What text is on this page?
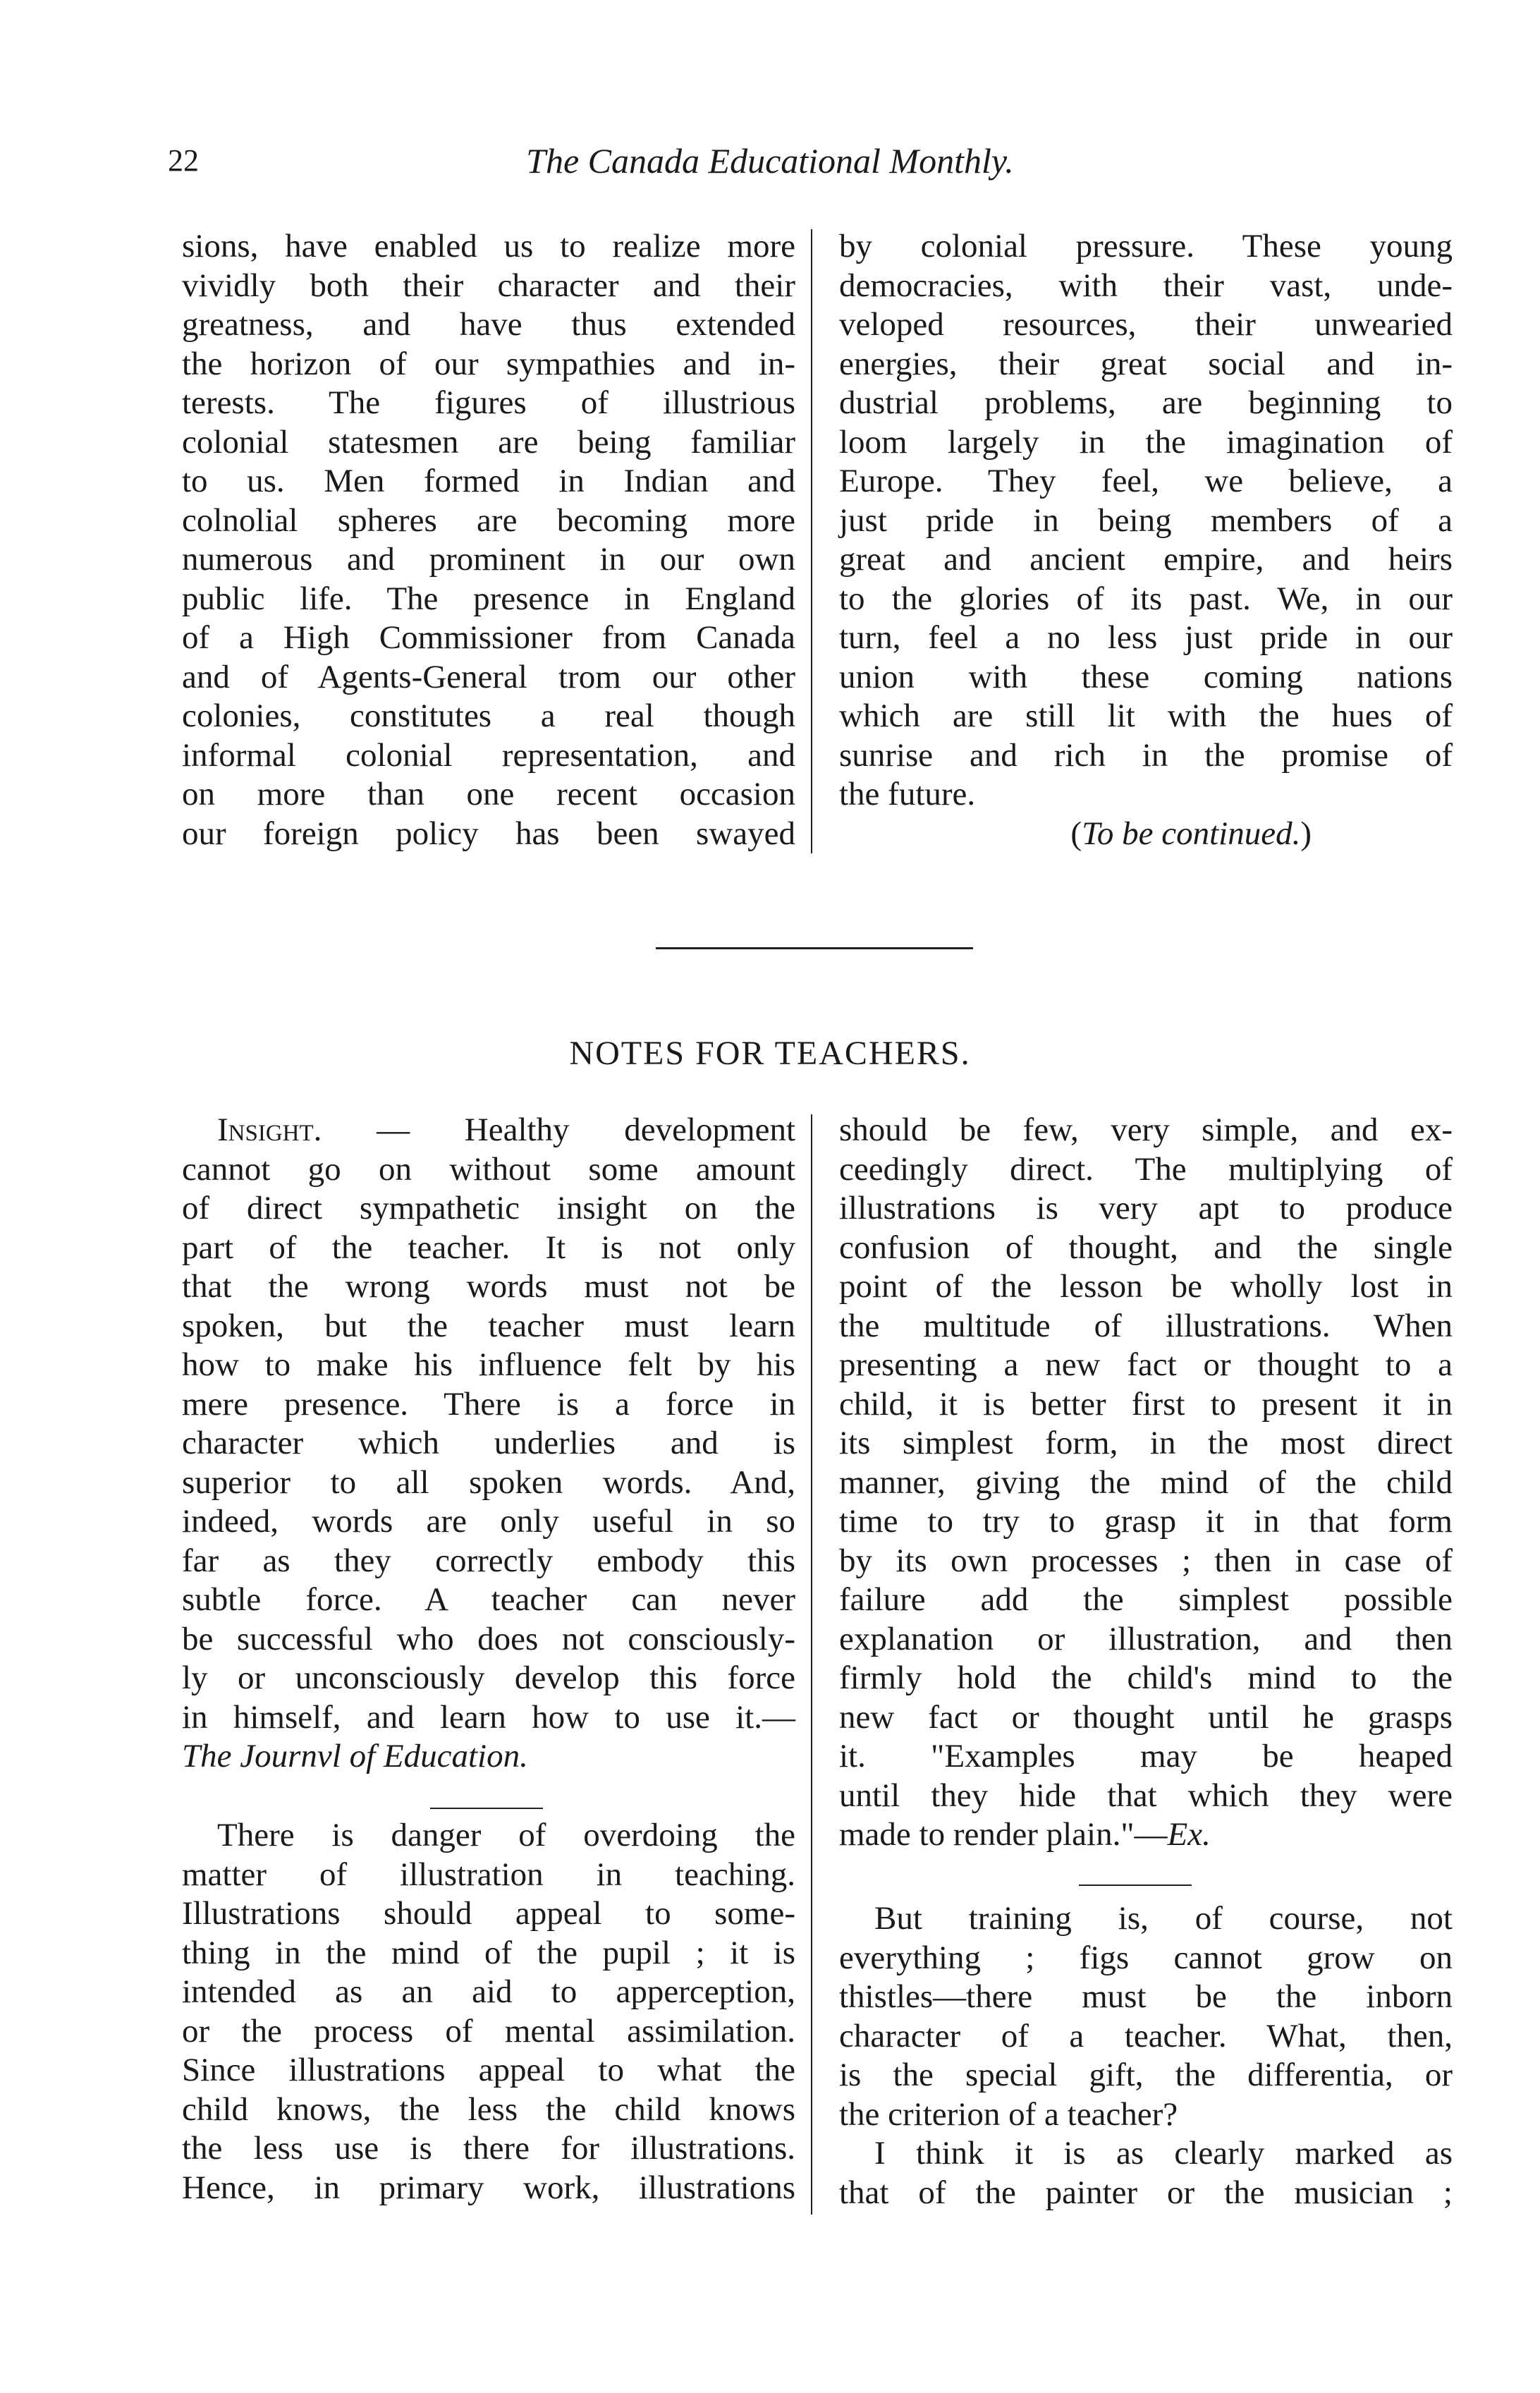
22	The Canada Educational Monthly.

sions, have enabled us to realize more

vividly both their character and their

greatness, and have thus extended

the horizon of our sympathies and in-

terests. The figures of illustrious

colonial statesmen are being familiar

to us. Men formed in Indian and

colnolial spheres are becoming more

numerous and prominent in our own

public life. The presence in England

of a High Commissioner from Canada

and of Agents-General trom our other

colonies, constitutes a real though

informal colonial representation, and

on more than one recent occasion

our foreign policy has been swayed

by colonial pressure. These young

democracies, with their vast, unde-

veloped resources, their unwearied

energies, their great social and in-

dustrial problems, are beginning to

loom largely in the imagination of

Europe. They feel, we believe, a

just pride in being members of a

great and ancient empire, and heirs

to the glories of its past. We, in our

turn, feel a no less just pride in our

union with these coming nations

which are still lit with the hues of

sunrise and rich in the promise of

the future.

(To be continued.)

NOTES FOR TEACHERS.

Insight. — Healthy development

cannot go on without some amount

of direct sympathetic insight on the

part of the teacher. It is not only

that the wrong words must not be

spoken, but the teacher must learn

how to make his influence felt by his

mere presence. There is a force in

character which underlies and is

superior to all spoken words. And,

indeed, words are only useful in so

far as they correctly embody this

subtle force. A teacher can never

be successful who does not consciously-

ly or unconsciously develop this force

in himself, and learn how to use it.—

The Journvl of Education.

There is danger of overdoing the

matter of illustration in teaching.

Illustrations should appeal to some-

thing in the mind of the pupil ; it is

intended as an aid to apperception,

or the process of mental assimilation.

Since illustrations appeal to what the

child knows, the less the child knows

the less use is there for illustrations.

Hence, in primary work, illustrations

should be few, very simple, and ex-

ceedingly direct. The multiplying of

illustrations is very apt to produce

confusion of thought, and the single

point of the lesson be wholly lost in

the multitude of illustrations. When

presenting a new fact or thought to a

child, it is better first to present it in

its simplest form, in the most direct

manner, giving the mind of the child

time to try to grasp it in that form

by its own processes ; then in case of

failure add the simplest possible

explanation or illustration, and then

firmly hold the child's mind to the

new fact or thought until he grasps

it. "Examples may be heaped

until they hide that which they were

made to render plain."—Ex.

But training is, of course, not

everything ; figs cannot grow on

thistles—there must be the inborn

character of a teacher. What, then,

is the special gift, the differentia, or

the criterion of a teacher?

I think it is as clearly marked as

that of the painter or the musician ;
